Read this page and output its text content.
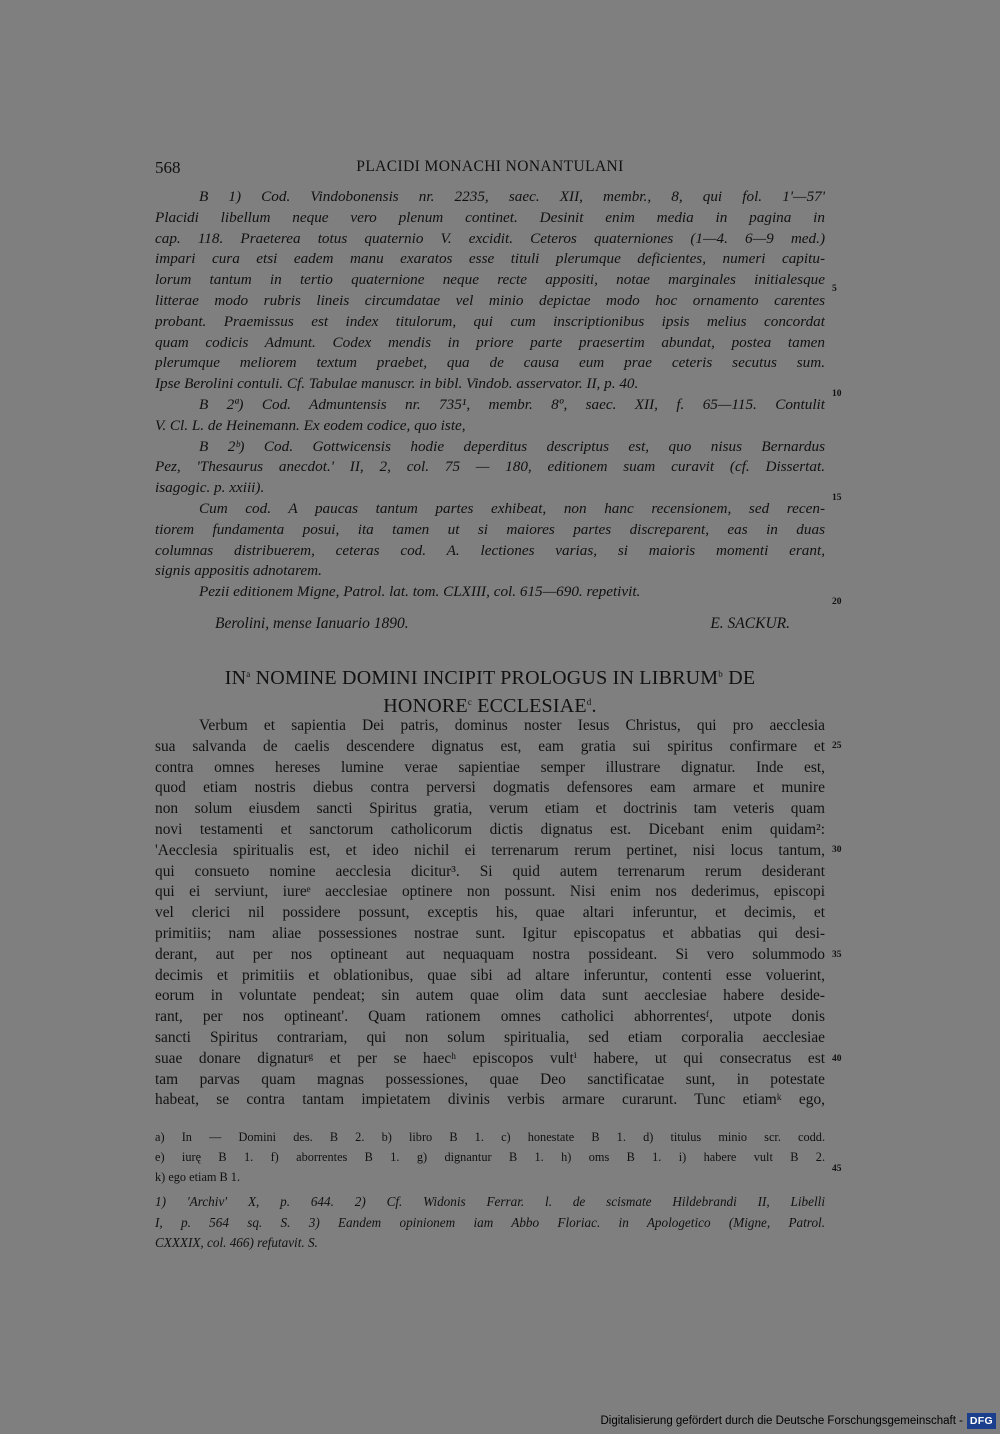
568	PLACIDI MONACHI NONANTULANI
B 1) Cod. Vindobonensis nr. 2235, saec. XII, membr., 8, qui fol. 1'—57'
Placidi libellum neque vero plenum continet. Desinit enim media in pagina in
cap. 118. Praeterea totus quaternio V. excidit. Ceteros quaterniones (1—4. 6—9 med.)
impari cura etsi eadem manu exaratos esse tituli plerumque deficientes, numeri capitu-
lorum tantum in tertio quaternione neque recte appositi, notae marginales initialesque
litterae modo rubris lineis circumdatae vel minio depictae modo hoc ornamento carentes
probant. Praemissus est index titulorum, qui cum inscriptionibus ipsis melius concordat
quam codicis Admunt. Codex mendis in priore parte praesertim abundat, postea tamen
plerumque meliorem textum praebet, qua de causa eum prae ceteris secutus sum.
Ipse Berolini contuli. Cf. Tabulae manuscr. in bibl. Vindob. asservator. II, p. 40.
B 2ª) Cod. Admuntensis nr. 735¹, membr. 8º, saec. XII, f. 65—115. Contulit
V. Cl. L. de Heinemann. Ex eodem codice, quo iste,
B 2ᵇ) Cod. Gottwicensis hodie deperditus descriptus est, quo nisus Bernardus
Pez, 'Thesaurus anecdot.' II, 2, col. 75 — 180, editionem suam curavit (cf. Dissertat.
isagogic. p. xxiii).
Cum cod. A paucas tantum partes exhibeat, non hanc recensionem, sed recen-
tiorem fundamenta posui, ita tamen ut si maiores partes discreparent, eas in duas
columnas distribuerem, ceteras cod. A. lectiones varias, si maioris momenti erant,
signis appositis adnotarem.
Pezii editionem Migne, Patrol. lat. tom. CLXIII, col. 615—690. repetivit.
Berolini, mense Ianuario 1890.	E. SACKUR.
$IN^a$ NOMINE DOMINI INCIPIT PROLOGUS IN LIBRUM$^b$ DE
HONORE$^c$ ECCLESIAE$^d$.
Verbum et sapientia Dei patris, dominus noster Iesus Christus, qui pro aecclesia
sua salvanda de caelis descendere dignatus est, eam gratia sui spiritus confirmare et
contra omnes hereses lumine verae sapientiae semper illustrare dignatur. Inde est,
quod etiam nostris diebus contra perversi dogmatis defensores eam armare et munire
non solum eiusdem sancti Spiritus gratia, verum etiam et doctrinis tam veteris quam
novi testamenti et sanctorum catholicorum dictis dignatus est. Dicebant enim quidam²:
'Aecclesia spiritualis est, et ideo nichil ei terrenarum rerum pertinet, nisi locus tantum,
qui consueto nomine aecclesia dicitur³. Si quid autem terrenarum rerum desiderant
qui ei serviunt, iureᵉ aecclesiae optinere non possunt. Nisi enim nos dederimus, episcopi
vel clerici nil possidere possunt, exceptis his, quae altari inferuntur, et decimis, et
primitiis; nam aliae possessiones nostrae sunt. Igitur episcopatus et abbatias qui desi-
derant, aut per nos optineant aut nequaquam nostra possideant. Si vero solummodo
decimis et primitiis et oblationibus, quae sibi ad altare inferuntur, contenti esse voluerint,
eorum in voluntate pendeat; sin autem quae olim data sunt aecclesiae habere deside-
rant, per nos optineant'. Quam rationem omnes catholici abhorrentesᶠ, utpote donis
sancti Spiritus contrariam, qui non solum spiritualia, sed etiam corporalia aecclesiae
suae donare dignaturᵍ et per se haecʰ episcopos vultⁱ habere, ut qui consecratus est
tam parvas quam magnas possessiones, quae Deo sanctificatae sunt, in potestate
habeat, se contra tantam impietatem divinis verbis armare curarunt. Tunc etiamᵏ ego,
a) In — Domini des. B 2. b) libro B 1. c) honestate B 1. d) titulus minio scr. codd.
e) iurę B 1. f) aborrentes B 1. g) dignantur B 1. h) oms B 1. i) habere vult B 2.
k) ego etiam B 1.
1) 'Archiv' X, p. 644. 2) Cf. Widonis Ferrar. l. de scismate Hildebrandi II, Libelli
I, p. 564 sq. S. 3) Eandem opinionem iam Abbo Floriac. in Apologetico (Migne, Patrol.
CXXXIX, col. 466) refutavit. S.
5
10
15
20
25
30
35
40
45
Digitalisierung gefördert durch die Deutsche Forschungsgemeinschaft - DFG
